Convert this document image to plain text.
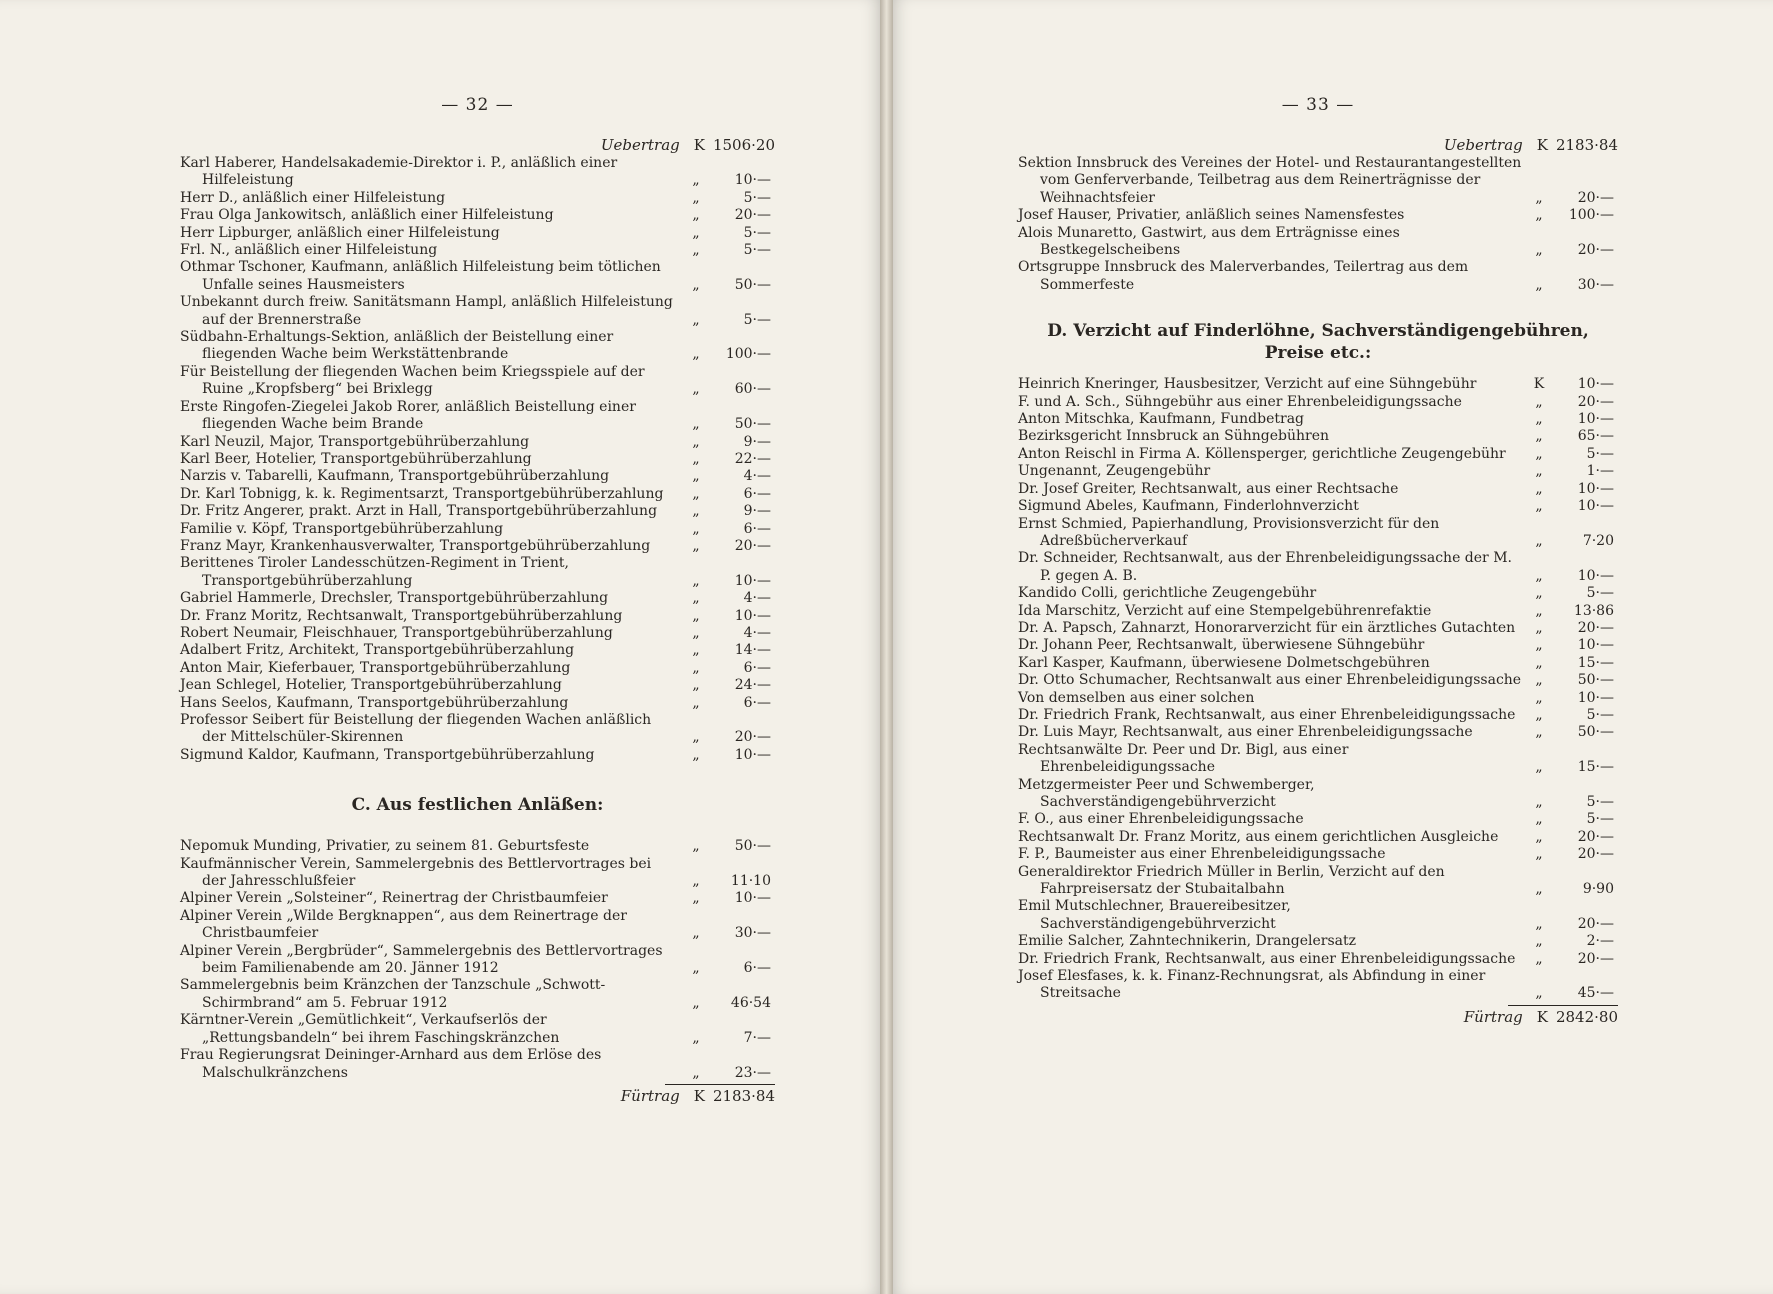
— 32 —
Uebertrag K 1506·20
Karl Haberer, Handelsakademie-Direktor i. P., anläßlich einer Hilfeleistung	„	10·—
Herr D., anläßlich einer Hilfeleistung	„	5·—
Frau Olga Jankowitsch, anläßlich einer Hilfeleistung	„	20·—
Herr Lipburger, anläßlich einer Hilfeleistung	„	5·—
Frl. N., anläßlich einer Hilfeleistung	„	5·—
Othmar Tschoner, Kaufmann, anläßlich Hilfeleistung beim tötlichen Unfalle seines Hausmeisters	„	50·—
Unbekannt durch freiw. Sanitätsmann Hampl, anläßlich Hilfeleistung auf der Brennerstraße	„	5·—
Südbahn-Erhaltungs-Sektion, anläßlich der Beistellung einer fliegenden Wache beim Werkstättenbrande	„	100·—
Für Beistellung der fliegenden Wachen beim Kriegsspiele auf der Ruine „Kropfsberg“ bei Brixlegg	„	60·—
Erste Ringofen-Ziegelei Jakob Rorer, anläßlich Beistellung einer fliegenden Wache beim Brande	„	50·—
Karl Neuzil, Major, Transportgebührüberzahlung	„	9·—
Karl Beer, Hotelier, Transportgebührüberzahlung	„	22·—
Narzis v. Tabarelli, Kaufmann, Transportgebührüberzahlung	„	4·—
Dr. Karl Tobnigg, k. k. Regimentsarzt, Transportgebührüberzahlung	„	6·—
Dr. Fritz Angerer, prakt. Arzt in Hall, Transportgebührüberzahlung	„	9·—
Familie v. Köpf, Transportgebührüberzahlung	„	6·—
Franz Mayr, Krankenhausverwalter, Transportgebührüberzahlung	„	20·—
Berittenes Tiroler Landesschützen-Regiment in Trient, Transportgebührüberzahlung	„	10·—
Gabriel Hammerle, Drechsler, Transportgebührüberzahlung	„	4·—
Dr. Franz Moritz, Rechtsanwalt, Transportgebührüberzahlung	„	10·—
Robert Neumair, Fleischhauer, Transportgebührüberzahlung	„	4·—
Adalbert Fritz, Architekt, Transportgebührüberzahlung	„	14·—
Anton Mair, Kieferbauer, Transportgebührüberzahlung	„	6·—
Jean Schlegel, Hotelier, Transportgebührüberzahlung	„	24·—
Hans Seelos, Kaufmann, Transportgebührüberzahlung	„	6·—
Professor Seibert für Beistellung der fliegenden Wachen anläßlich der Mittelschüler-Skirennen	„	20·—
Sigmund Kaldor, Kaufmann, Transportgebührüberzahlung	„	10·—
C. Aus festlichen Anläßen:
Nepomuk Munding, Privatier, zu seinem 81. Geburtsfeste	„	50·—
Kaufmännischer Verein, Sammelergebnis des Bettlervortrages bei der Jahresschlußfeier	„	11·10
Alpiner Verein „Solsteiner“, Reinertrag der Christbaumfeier	„	10·—
Alpiner Verein „Wilde Bergknappen“, aus dem Reinertrage der Christbaumfeier	„	30·—
Alpiner Verein „Bergbrüder“, Sammelergebnis des Bettlervortrages beim Familienabende am 20. Jänner 1912	„	6·—
Sammelergebnis beim Kränzchen der Tanzschule „Schwott-Schirmbrand“ am 5. Februar 1912	„	46·54
Kärntner-Verein „Gemütlichkeit“, Verkaufserlös der „Rettungsbandeln“ bei ihrem Faschingskränzchen	„	7·—
Frau Regierungsrat Deininger-Arnhard aus dem Erlöse des Malschulkränzchens	„	23·—
Fürtrag K 2183·84
— 33 —
Uebertrag K 2183·84
Sektion Innsbruck des Vereines der Hotel- und Restaurantangestellten vom Genferverbande, Teilbetrag aus dem Reinerträgnisse der Weihnachtsfeier	„	20·—
Josef Hauser, Privatier, anläßlich seines Namensfestes	„	100·—
Alois Munaretto, Gastwirt, aus dem Erträgnisse eines Bestkegelscheibens	„	20·—
Ortsgruppe Innsbruck des Malerverbandes, Teilertrag aus dem Sommerfeste	„	30·—
D. Verzicht auf Finderlöhne, Sachverständigengebühren, Preise etc.:
Heinrich Kneringer, Hausbesitzer, Verzicht auf eine Sühngebühr	K	10·—
F. und A. Sch., Sühngebühr aus einer Ehrenbeleidigungssache	„	20·—
Anton Mitschka, Kaufmann, Fundbetrag	„	10·—
Bezirksgericht Innsbruck an Sühngebühren	„	65·—
Anton Reischl in Firma A. Köllensperger, gerichtliche Zeugengebühr	„	5·—
Ungenannt, Zeugengebühr	„	1·—
Dr. Josef Greiter, Rechtsanwalt, aus einer Rechtsache	„	10·—
Sigmund Abeles, Kaufmann, Finderlohnverzicht	„	10·—
Ernst Schmied, Papierhandlung, Provisionsverzicht für den Adreßbücherverkauf	„	7·20
Dr. Schneider, Rechtsanwalt, aus der Ehrenbeleidigungssache der M. P. gegen A. B.	„	10·—
Kandido Colli, gerichtliche Zeugengebühr	„	5·—
Ida Marschitz, Verzicht auf eine Stempelgebührenrefaktie	„	13·86
Dr. A. Papsch, Zahnarzt, Honorarverzicht für ein ärztliches Gutachten	„	20·—
Dr. Johann Peer, Rechtsanwalt, überwiesene Sühngebühr	„	10·—
Karl Kasper, Kaufmann, überwiesene Dolmetschgebühren	„	15·—
Dr. Otto Schumacher, Rechtsanwalt aus einer Ehrenbeleidigungssache	„	50·—
Von demselben aus einer solchen	„	10·—
Dr. Friedrich Frank, Rechtsanwalt, aus einer Ehrenbeleidigungssache	„	5·—
Dr. Luis Mayr, Rechtsanwalt, aus einer Ehrenbeleidigungssache	„	50·—
Rechtsanwälte Dr. Peer und Dr. Bigl, aus einer Ehrenbeleidigungssache	„	15·—
Metzgermeister Peer und Schwemberger, Sachverständigengebührverzicht	„	5·—
F. O., aus einer Ehrenbeleidigungssache	„	5·—
Rechtsanwalt Dr. Franz Moritz, aus einem gerichtlichen Ausgleiche	„	20·—
F. P., Baumeister aus einer Ehrenbeleidigungssache	„	20·—
Generaldirektor Friedrich Müller in Berlin, Verzicht auf den Fahrpreisersatz der Stubaitalbahn	„	9·90
Emil Mutschlechner, Brauereibesitzer, Sachverständigengebührverzicht	„	20·—
Emilie Salcher, Zahntechnikerin, Drangelersatz	„	2·—
Dr. Friedrich Frank, Rechtsanwalt, aus einer Ehrenbeleidigungssache	„	20·—
Josef Elesfases, k. k. Finanz-Rechnungsrat, als Abfindung in einer Streitsache	„	45·—
Fürtrag K 2842·80
